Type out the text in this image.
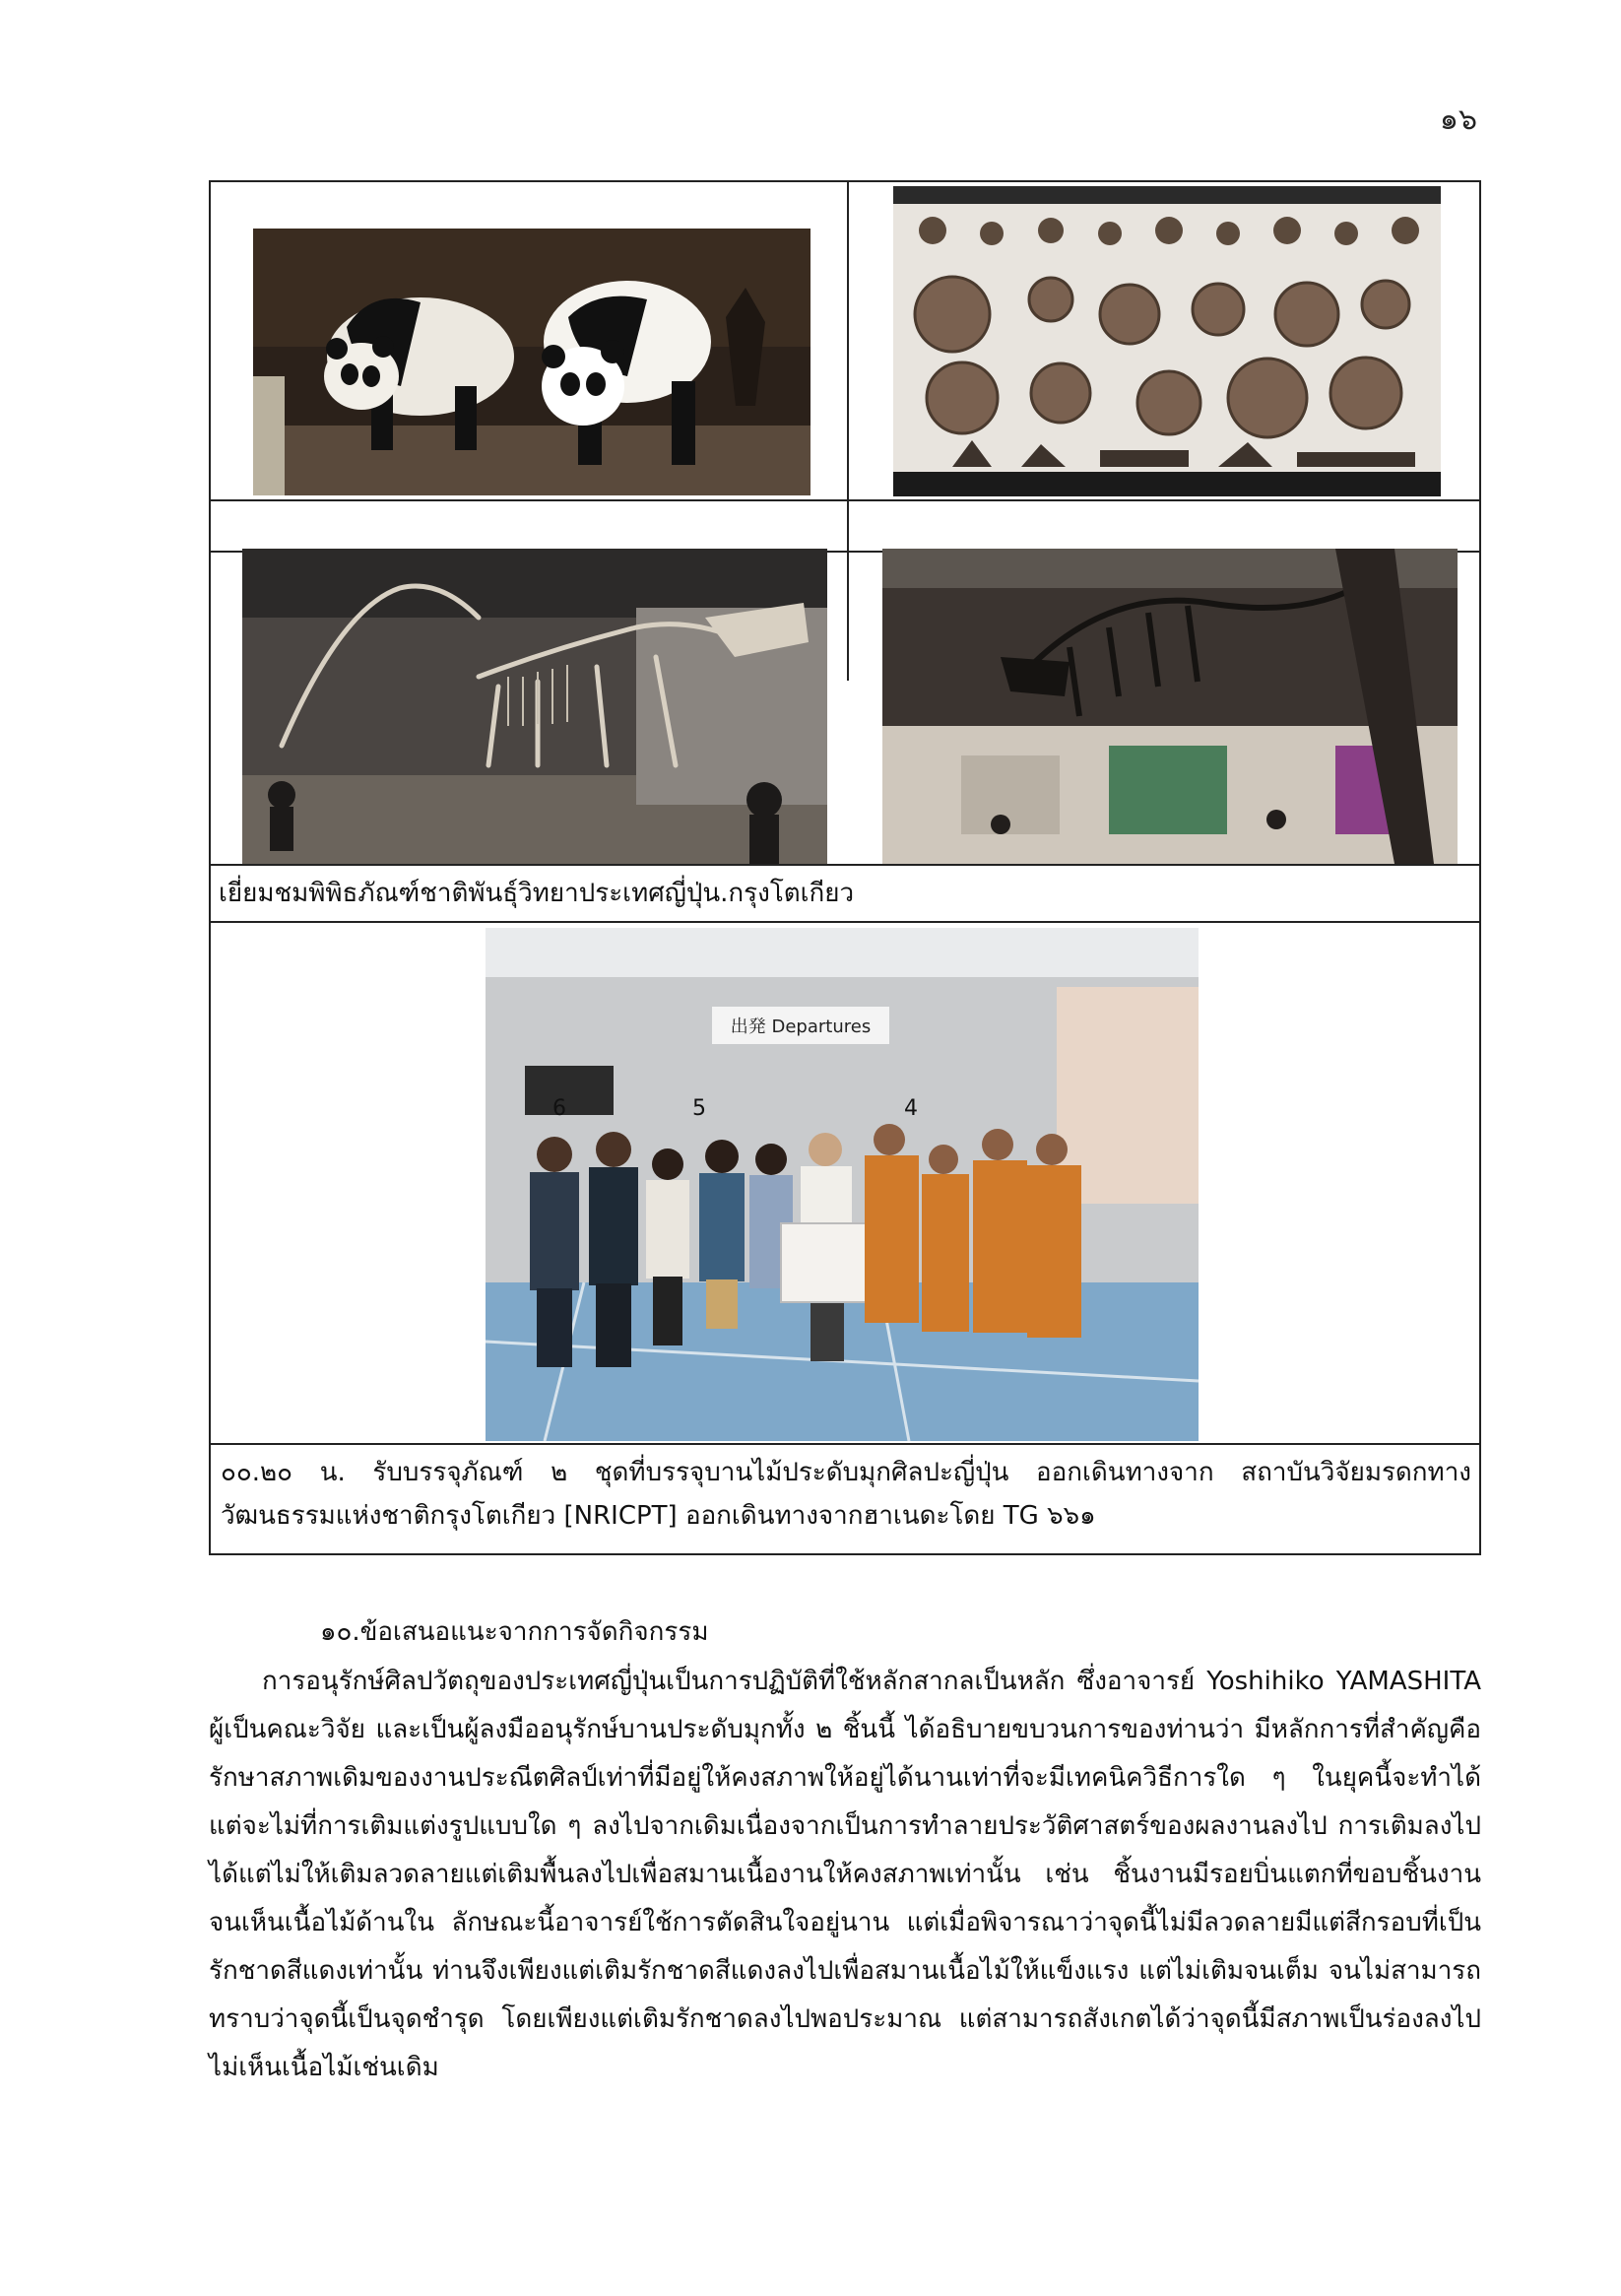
๑๖
เยี่ยมชมพิพิธภัณฑ์ชาติพันธุ์วิทยาประเทศญี่ปุ่น.กรุงโตเกียว
出発 Departures
6	5	4
๐๐.๒๐ น. รับบรรจุภัณฑ์ ๒ ชุดที่บรรจุบานไม้ประดับมุกศิลปะญี่ปุ่น ออกเดินทางจาก สถาบันวิจัยมรดกทางวัฒนธรรมแห่งชาติกรุงโตเกียว [NRICPT] ออกเดินทางจากฮาเนดะโดย TG ๖๖๑
๑๐.ข้อเสนอแนะจากการจัดกิจกรรม

การอนุรักษ์ศิลปวัตถุของประเทศญี่ปุ่นเป็นการปฏิบัติที่ใช้หลักสากลเป็นหลัก ซึ่งอาจารย์ Yoshihiko YAMASHITA ผู้เป็นคณะวิจัย และเป็นผู้ลงมืออนุรักษ์บานประดับมุกทั้ง ๒ ชิ้นนี้ ได้อธิบายขบวนการของท่านว่า มีหลักการที่สำคัญคือ รักษาสภาพเดิมของงานประณีตศิลป์เท่าที่มีอยู่ให้คงสภาพให้อยู่ได้นานเท่าที่จะมีเทคนิควิธีการใด ๆ ในยุคนี้จะทำได้ แต่จะไม่ที่การเติมแต่งรูปแบบใด ๆ ลงไปจากเดิมเนื่องจากเป็นการทำลายประวัติศาสตร์ของผลงานลงไป การเติมลงไปได้แต่ไม่ให้เติมลวดลายแต่เติมพื้นลงไปเพื่อสมานเนื้องานให้คงสภาพเท่านั้น เช่น ชิ้นงานมีรอยบิ่นแตกที่ขอบชิ้นงานจนเห็นเนื้อไม้ด้านใน ลักษณะนี้อาจารย์ใช้การตัดสินใจอยู่นาน แต่เมื่อพิจารณาว่าจุดนี้ไม่มีลวดลายมีแต่สีกรอบที่เป็นรักชาดสีแดงเท่านั้น ท่านจึงเพียงแต่เติมรักชาดสีแดงลงไปเพื่อสมานเนื้อไม้ให้แข็งแรง แต่ไม่เติมจนเต็ม จนไม่สามารถทราบว่าจุดนี้เป็นจุดชำรุด โดยเพียงแต่เติมรักชาดลงไปพอประมาณ แต่สามารถสังเกตได้ว่าจุดนี้มีสภาพเป็นร่องลงไป ไม่เห็นเนื้อไม้เช่นเดิม
